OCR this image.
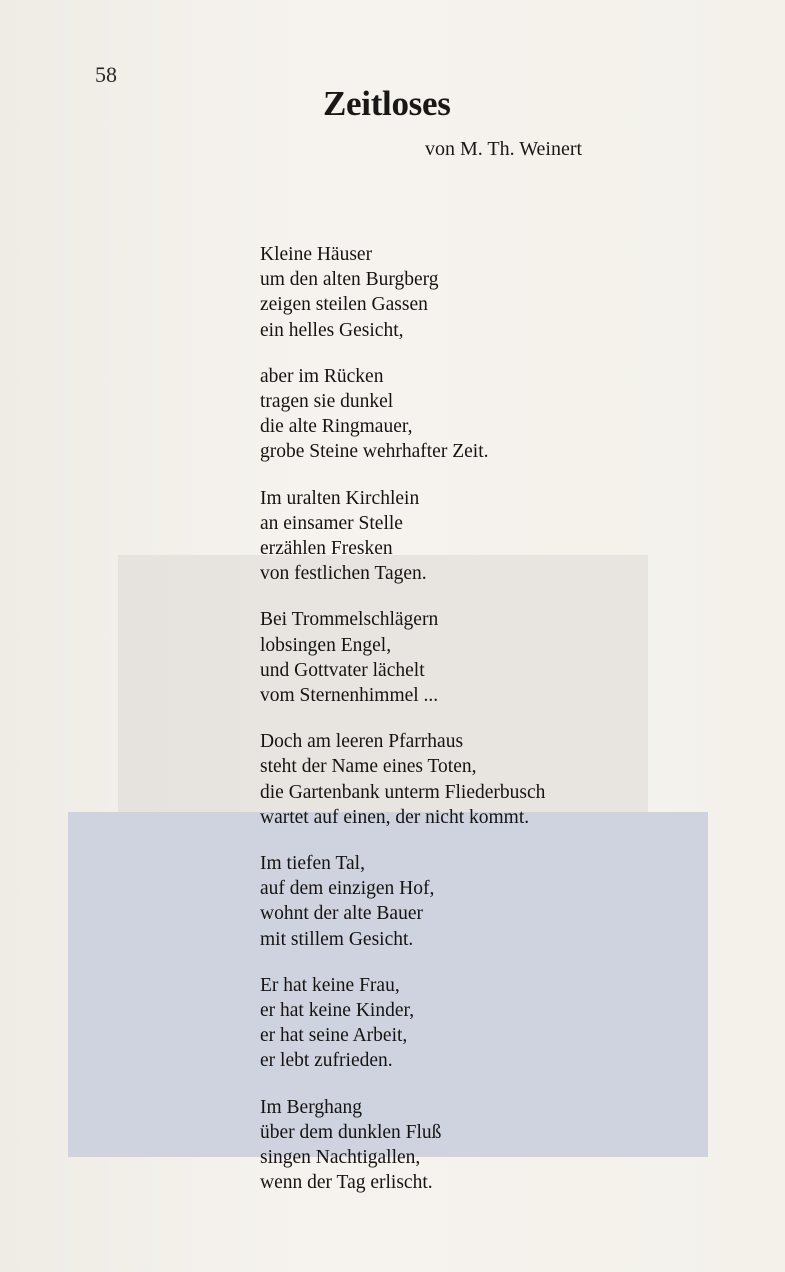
58
Zeitloses
von M. Th. Weinert
Kleine Häuser
um den alten Burgberg
zeigen steilen Gassen
ein helles Gesicht,
aber im Rücken
tragen sie dunkel
die alte Ringmauer,
grobe Steine wehrhafter Zeit.
Im uralten Kirchlein
an einsamer Stelle
erzählen Fresken
von festlichen Tagen.
Bei Trommelschlägern
lobsingen Engel,
und Gottvater lächelt
vom Sternenhimmel ...
Doch am leeren Pfarrhaus
steht der Name eines Toten,
die Gartenbank unterm Fliederbusch
wartet auf einen, der nicht kommt.
Im tiefen Tal,
auf dem einzigen Hof,
wohnt der alte Bauer
mit stillem Gesicht.
Er hat keine Frau,
er hat keine Kinder,
er hat seine Arbeit,
er lebt zufrieden.
Im Berghang
über dem dunklen Fluß
singen Nachtigallen,
wenn der Tag erlischt.
